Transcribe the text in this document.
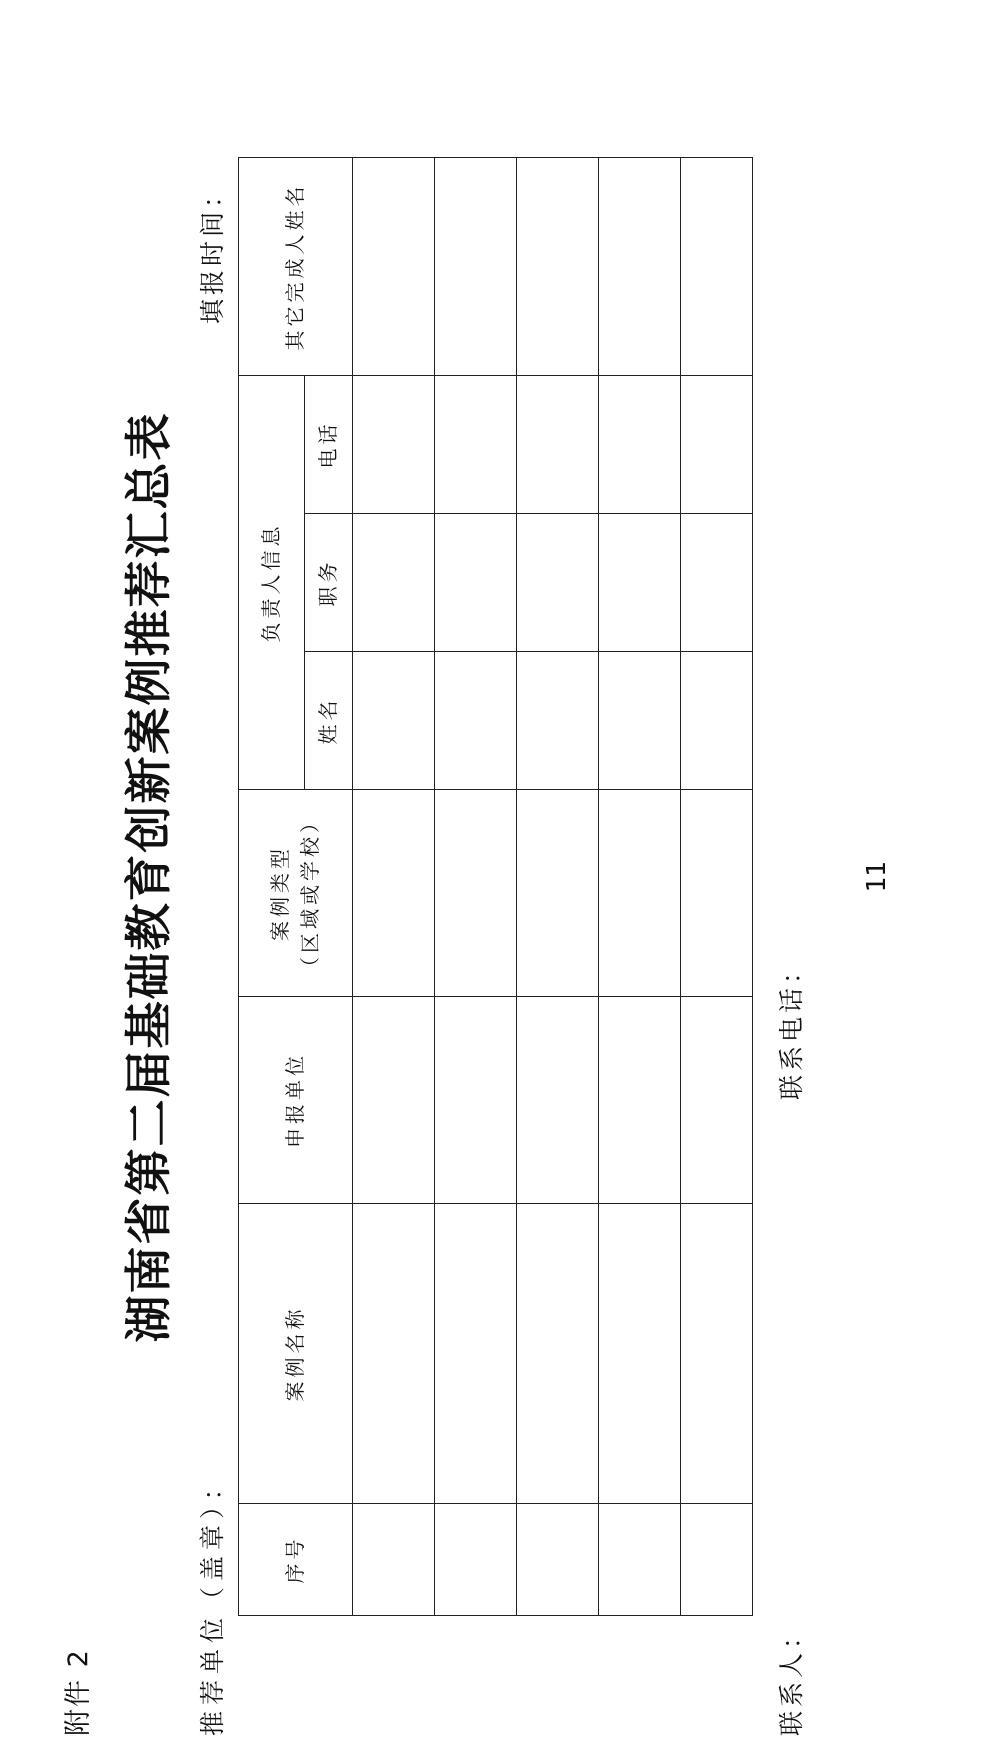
附件 2
湖南省第二届基础教育创新案例推荐汇总表
推荐单位（盖章）：
填报时间：
序号	案例名称	申报单位	案例类型 （区域或学校）	负责人信息			其它完成人姓名
				姓名	职务	电话	

联系人：
联系电话：
11
